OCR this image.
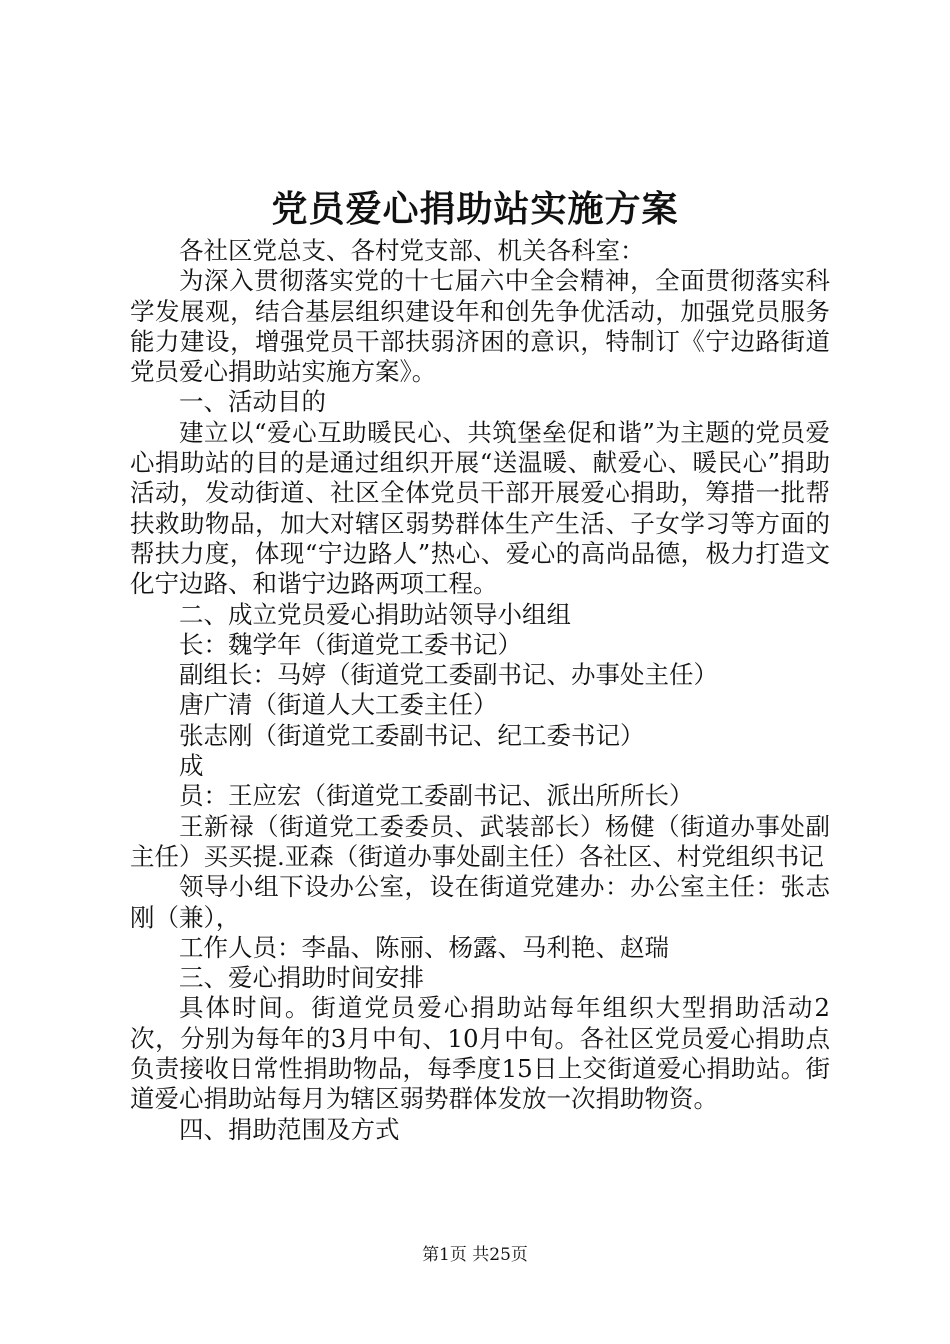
党员爱心捐助站实施方案

各社区党总支、各村党支部、机关各科室：

为深入贯彻落实党的十七届六中全会精神，全面贯彻落实科学发展观，结合基层组织建设年和创先争优活动，加强党员服务能力建设，增强党员干部扶弱济困的意识，特制订《宁边路街道党员爱心捐助站实施方案》。

一、活动目的

建立以“爱心互助暖民心、共筑堡垒促和谐”为主题的党员爱心捐助站的目的是通过组织开展“送温暖、献爱心、暖民心”捐助活动，发动街道、社区全体党员干部开展爱心捐助，筹措一批帮扶救助物品，加大对辖区弱势群体生产生活、子女学习等方面的帮扶力度，体现“宁边路人”热心、爱心的高尚品德，极力打造文化宁边路、和谐宁边路两项工程。

二、成立党员爱心捐助站领导小组组

长：魏学年（街道党工委书记）

副组长：马婷（街道党工委副书记、办事处主任）

唐广清（街道人大工委主任）

张志刚（街道党工委副书记、纪工委书记）

成

员：王应宏（街道党工委副书记、派出所所长）

王新禄（街道党工委委员、武装部长）杨健（街道办事处副主任）买买提.亚森（街道办事处副主任）各社区、村党组织书记

领导小组下设办公室，设在街道党建办：办公室主任：张志刚（兼），

工作人员：李晶、陈丽、杨露、马利艳、赵瑞

三、爱心捐助时间安排

具体时间。街道党员爱心捐助站每年组织大型捐助活动2次，分别为每年的3月中旬、10月中旬。各社区党员爱心捐助点负责接收日常性捐助物品，每季度15日上交街道爱心捐助站。街道爱心捐助站每月为辖区弱势群体发放一次捐助物资。

四、捐助范围及方式

第1页 共25页
